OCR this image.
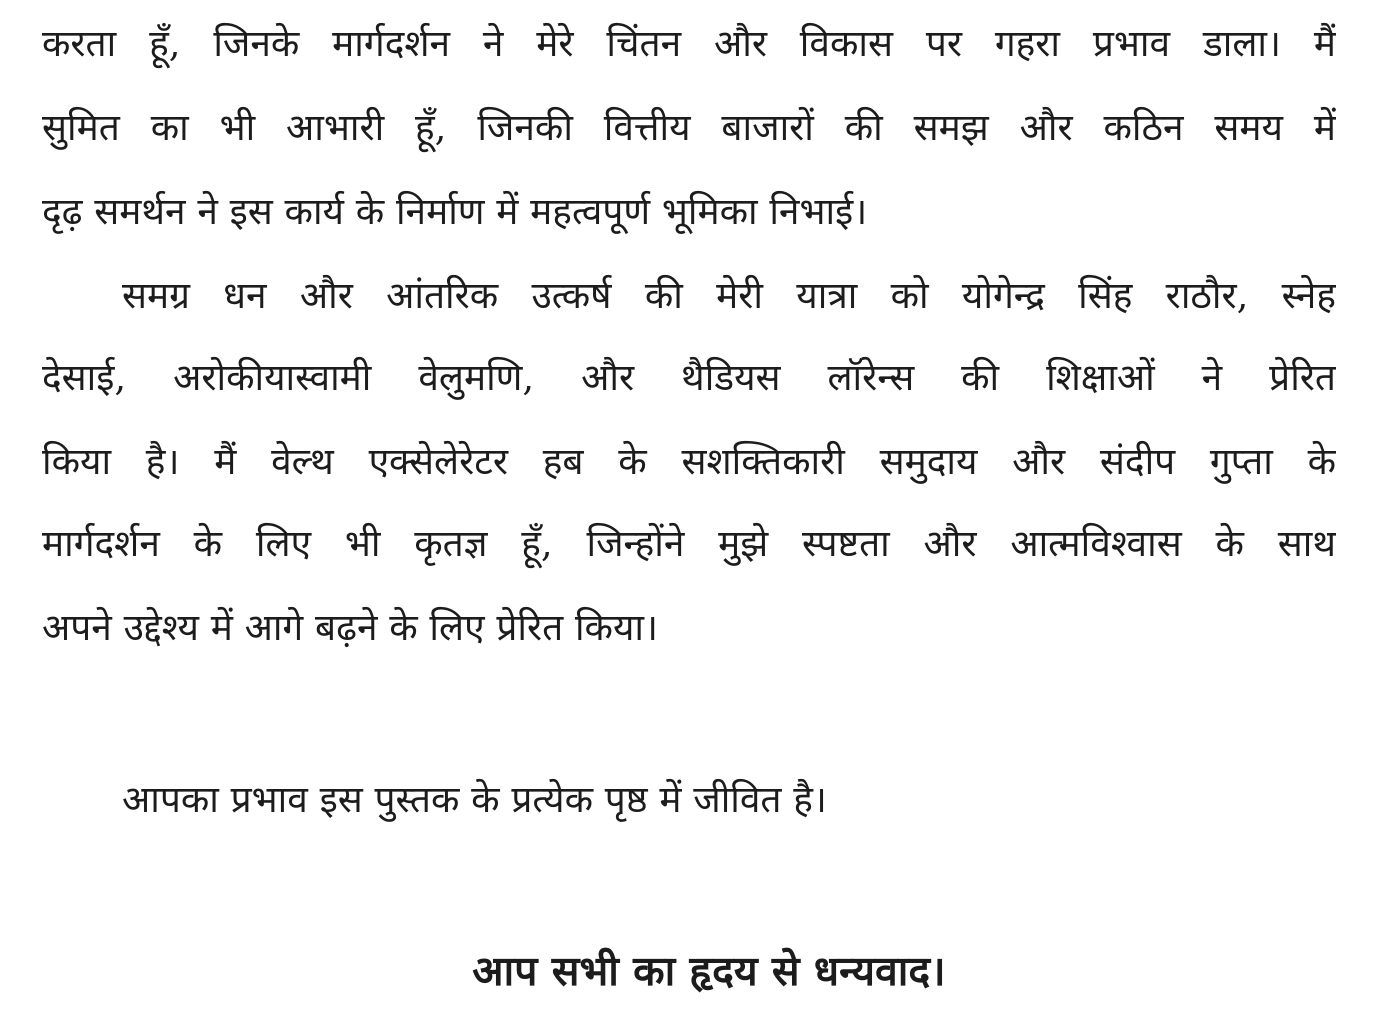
करता हूँ, जिनके मार्गदर्शन ने मेरे चिंतन और विकास पर गहरा प्रभाव डाला। मैं
सुमित का भी आभारी हूँ, जिनकी वित्तीय बाजारों की समझ और कठिन समय में
दृढ़ समर्थन ने इस कार्य के निर्माण में महत्वपूर्ण भूमिका निभाई।
समग्र धन और आंतरिक उत्कर्ष की मेरी यात्रा को योगेन्द्र सिंह राठौर, स्नेह
देसाई, अरोकीयास्वामी वेलुमणि, और थैडियस लॉरेन्स की शिक्षाओं ने प्रेरित
किया है। मैं वेल्थ एक्सेलेरेटर हब के सशक्तिकारी समुदाय और संदीप गुप्ता के
मार्गदर्शन के लिए भी कृतज्ञ हूँ, जिन्होंने मुझे स्पष्टता और आत्मविश्वास के साथ
अपने उद्देश्य में आगे बढ़ने के लिए प्रेरित किया।
आपका प्रभाव इस पुस्तक के प्रत्येक पृष्ठ में जीवित है।
आप सभी का हृदय से धन्यवाद।
